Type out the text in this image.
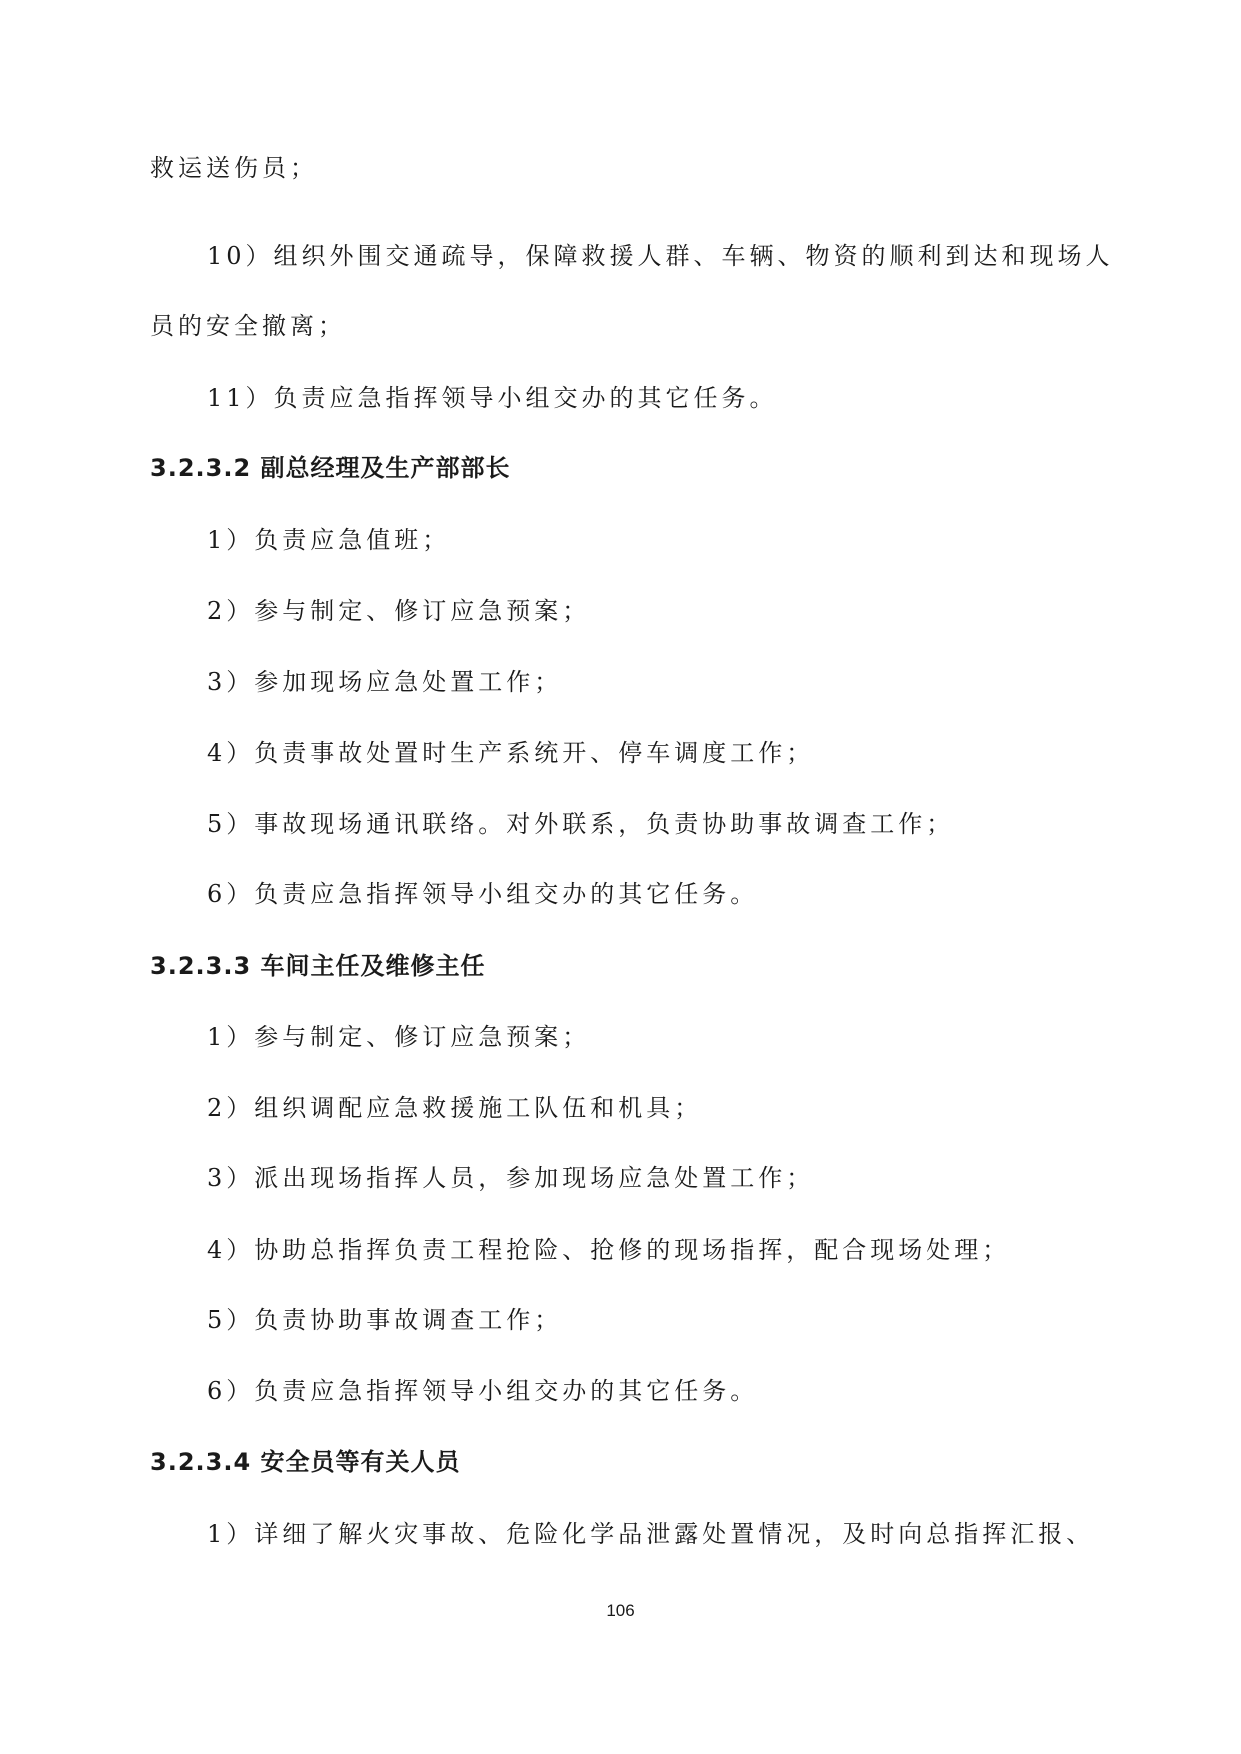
救运送伤员；
10）组织外围交通疏导，保障救援人群、车辆、物资的顺利到达和现场人
员的安全撤离；
11）负责应急指挥领导小组交办的其它任务。
3.2.3.2 副总经理及生产部部长
1）负责应急值班；
2）参与制定、修订应急预案；
3）参加现场应急处置工作；
4）负责事故处置时生产系统开、停车调度工作；
5）事故现场通讯联络。对外联系，负责协助事故调查工作；
6）负责应急指挥领导小组交办的其它任务。
3.2.3.3 车间主任及维修主任
1）参与制定、修订应急预案；
2）组织调配应急救援施工队伍和机具；
3）派出现场指挥人员，参加现场应急处置工作；
4）协助总指挥负责工程抢险、抢修的现场指挥，配合现场处理；
5）负责协助事故调查工作；
6）负责应急指挥领导小组交办的其它任务。
3.2.3.4 安全员等有关人员
1）详细了解火灾事故、危险化学品泄露处置情况，及时向总指挥汇报、
106
